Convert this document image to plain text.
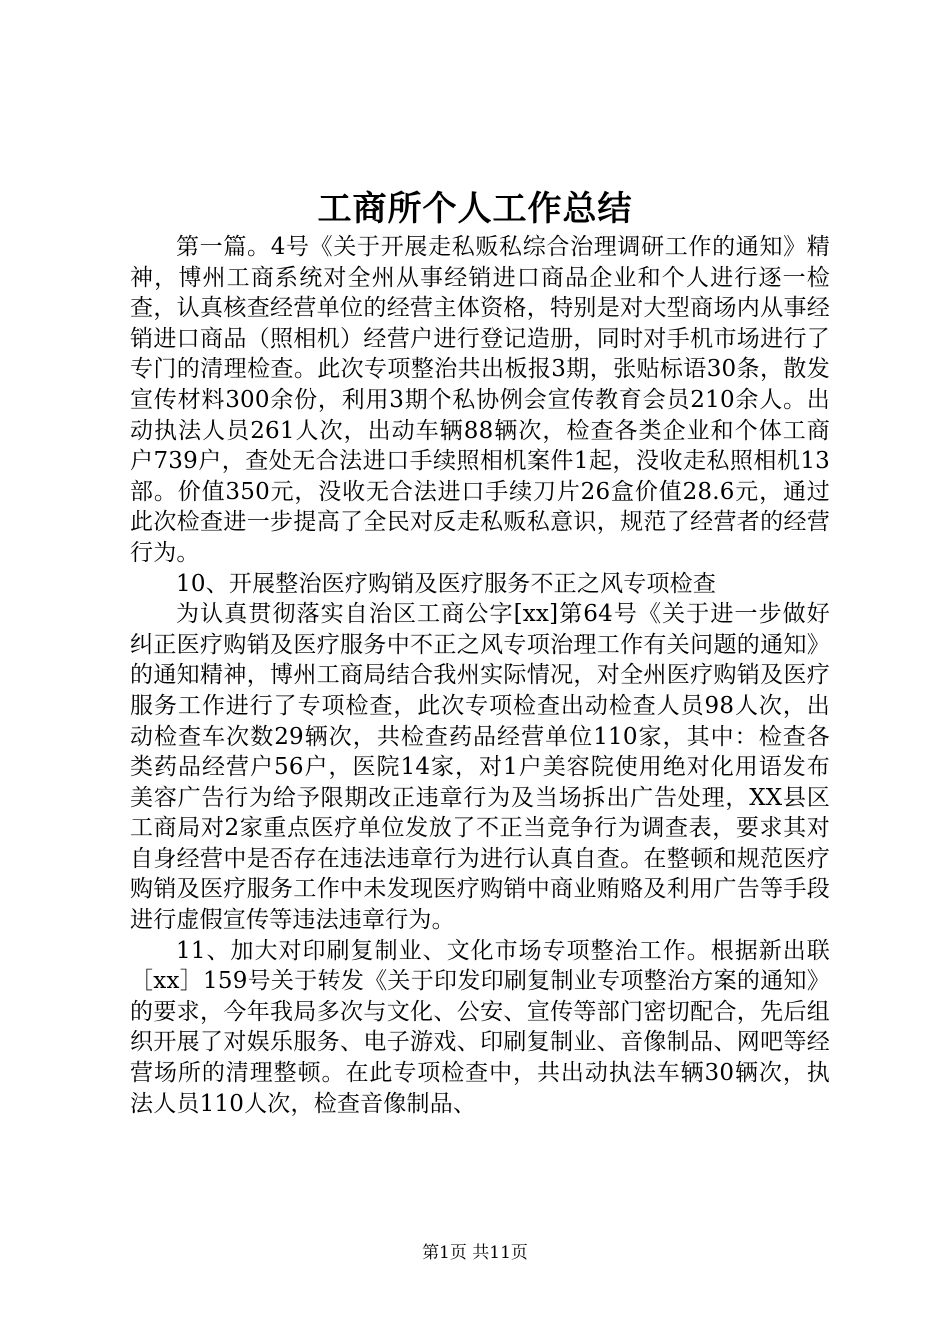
工商所个人工作总结

第一篇。4号《关于开展走私贩私综合治理调研工作的通知》精神，博州工商系统对全州从事经销进口商品企业和个人进行逐一检查，认真核查经营单位的经营主体资格，特别是对大型商场内从事经销进口商品（照相机）经营户进行登记造册，同时对手机市场进行了专门的清理检查。此次专项整治共出板报3期，张贴标语30条，散发宣传材料300余份，利用3期个私协例会宣传教育会员210余人。出动执法人员261人次，出动车辆88辆次，检查各类企业和个体工商户739户，查处无合法进口手续照相机案件1起，没收走私照相机13部。价值350元，没收无合法进口手续刀片26盒价值28.6元，通过此次检查进一步提高了全民对反走私贩私意识，规范了经营者的经营行为。

10、开展整治医疗购销及医疗服务不正之风专项检查

为认真贯彻落实自治区工商公字[xx]第64号《关于进一步做好纠正医疗购销及医疗服务中不正之风专项治理工作有关问题的通知》的通知精神，博州工商局结合我州实际情况，对全州医疗购销及医疗服务工作进行了专项检查，此次专项检查出动检查人员98人次，出动检查车次数29辆次，共检查药品经营单位110家，其中：检查各类药品经营户56户，医院14家，对1户美容院使用绝对化用语发布美容广告行为给予限期改正违章行为及当场拆出广告处理，XX县区工商局对2家重点医疗单位发放了不正当竞争行为调查表，要求其对自身经营中是否存在违法违章行为进行认真自查。在整顿和规范医疗购销及医疗服务工作中未发现医疗购销中商业贿赂及利用广告等手段进行虚假宣传等违法违章行为。

11、加大对印刷复制业、文化市场专项整治工作。根据新出联［xx］159号关于转发《关于印发印刷复制业专项整治方案的通知》的要求，今年我局多次与文化、公安、宣传等部门密切配合，先后组织开展了对娱乐服务、电子游戏、印刷复制业、音像制品、网吧等经营场所的清理整顿。在此专项检查中，共出动执法车辆30辆次，执法人员110人次，检查音像制品、

第1页 共11页
